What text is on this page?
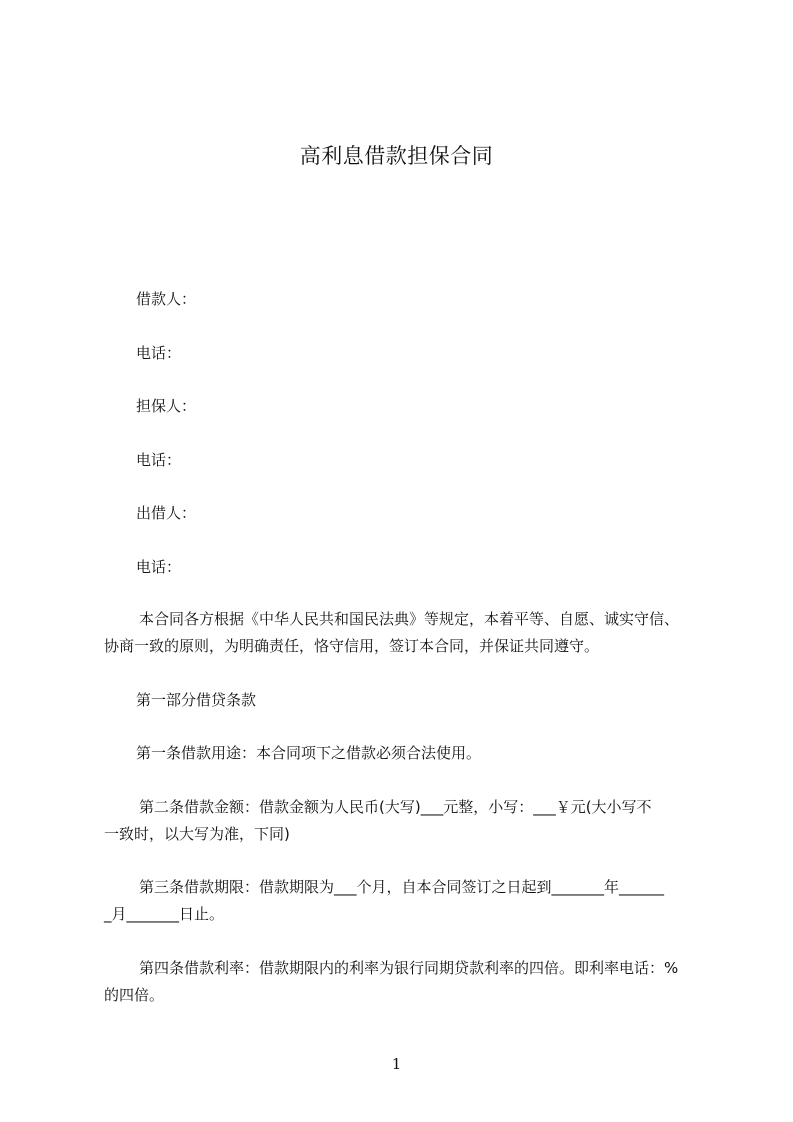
高利息借款担保合同
借款人：
电话：
担保人：
电话：
出借人：
电话：
本合同各方根据《中华人民共和国民法典》等规定，本着平等、自愿、诚实守信、
协商一致的原则，为明确责任，恪守信用，签订本合同，并保证共同遵守。
第一部分借贷条款
第一条借款用途：本合同项下之借款必须合法使用。
第二条借款金额：借款金额为人民币(大写)___元整，小写：___￥元(大小写不
一致时，以大写为准，下同)
第三条借款期限：借款期限为___个月，自本合同签订之日起到_______年______
_月_______日止。
第四条借款利率：借款期限内的利率为银行同期贷款利率的四倍。即利率电话：%
的四倍。
1
